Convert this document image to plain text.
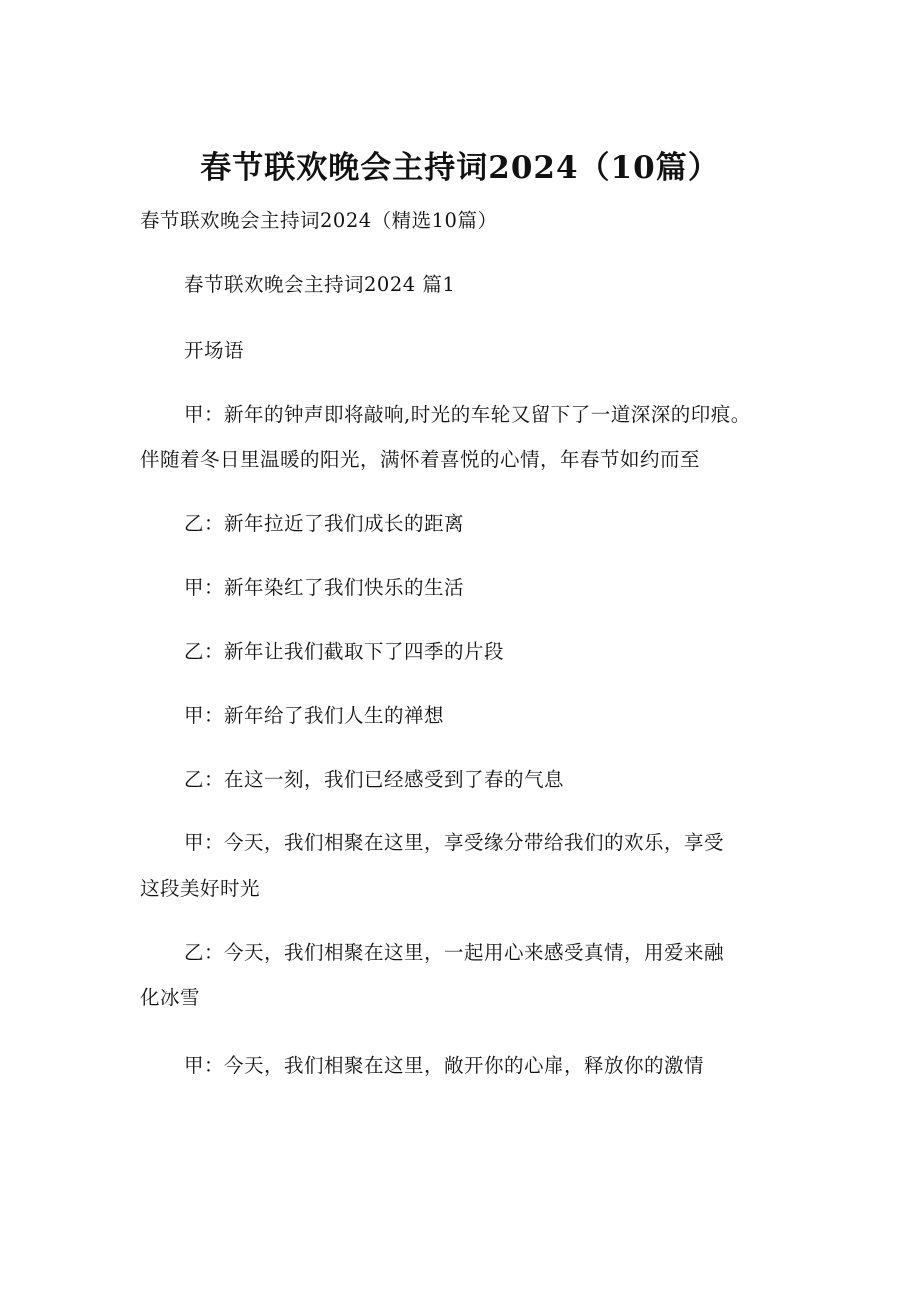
春节联欢晚会主持词2024（10篇）
春节联欢晚会主持词2024（精选10篇）
春节联欢晚会主持词2024 篇1
开场语
甲：新年的钟声即将敲响,时光的车轮又留下了一道深深的印痕。
伴随着冬日里温暖的阳光，满怀着喜悦的心情，年春节如约而至
乙：新年拉近了我们成长的距离
甲：新年染红了我们快乐的生活
乙：新年让我们截取下了四季的片段
甲：新年给了我们人生的禅想
乙：在这一刻，我们已经感受到了春的气息
甲：今天，我们相聚在这里，享受缘分带给我们的欢乐，享受
这段美好时光
乙：今天，我们相聚在这里，一起用心来感受真情，用爱来融
化冰雪
甲：今天，我们相聚在这里，敞开你的心扉，释放你的激情
